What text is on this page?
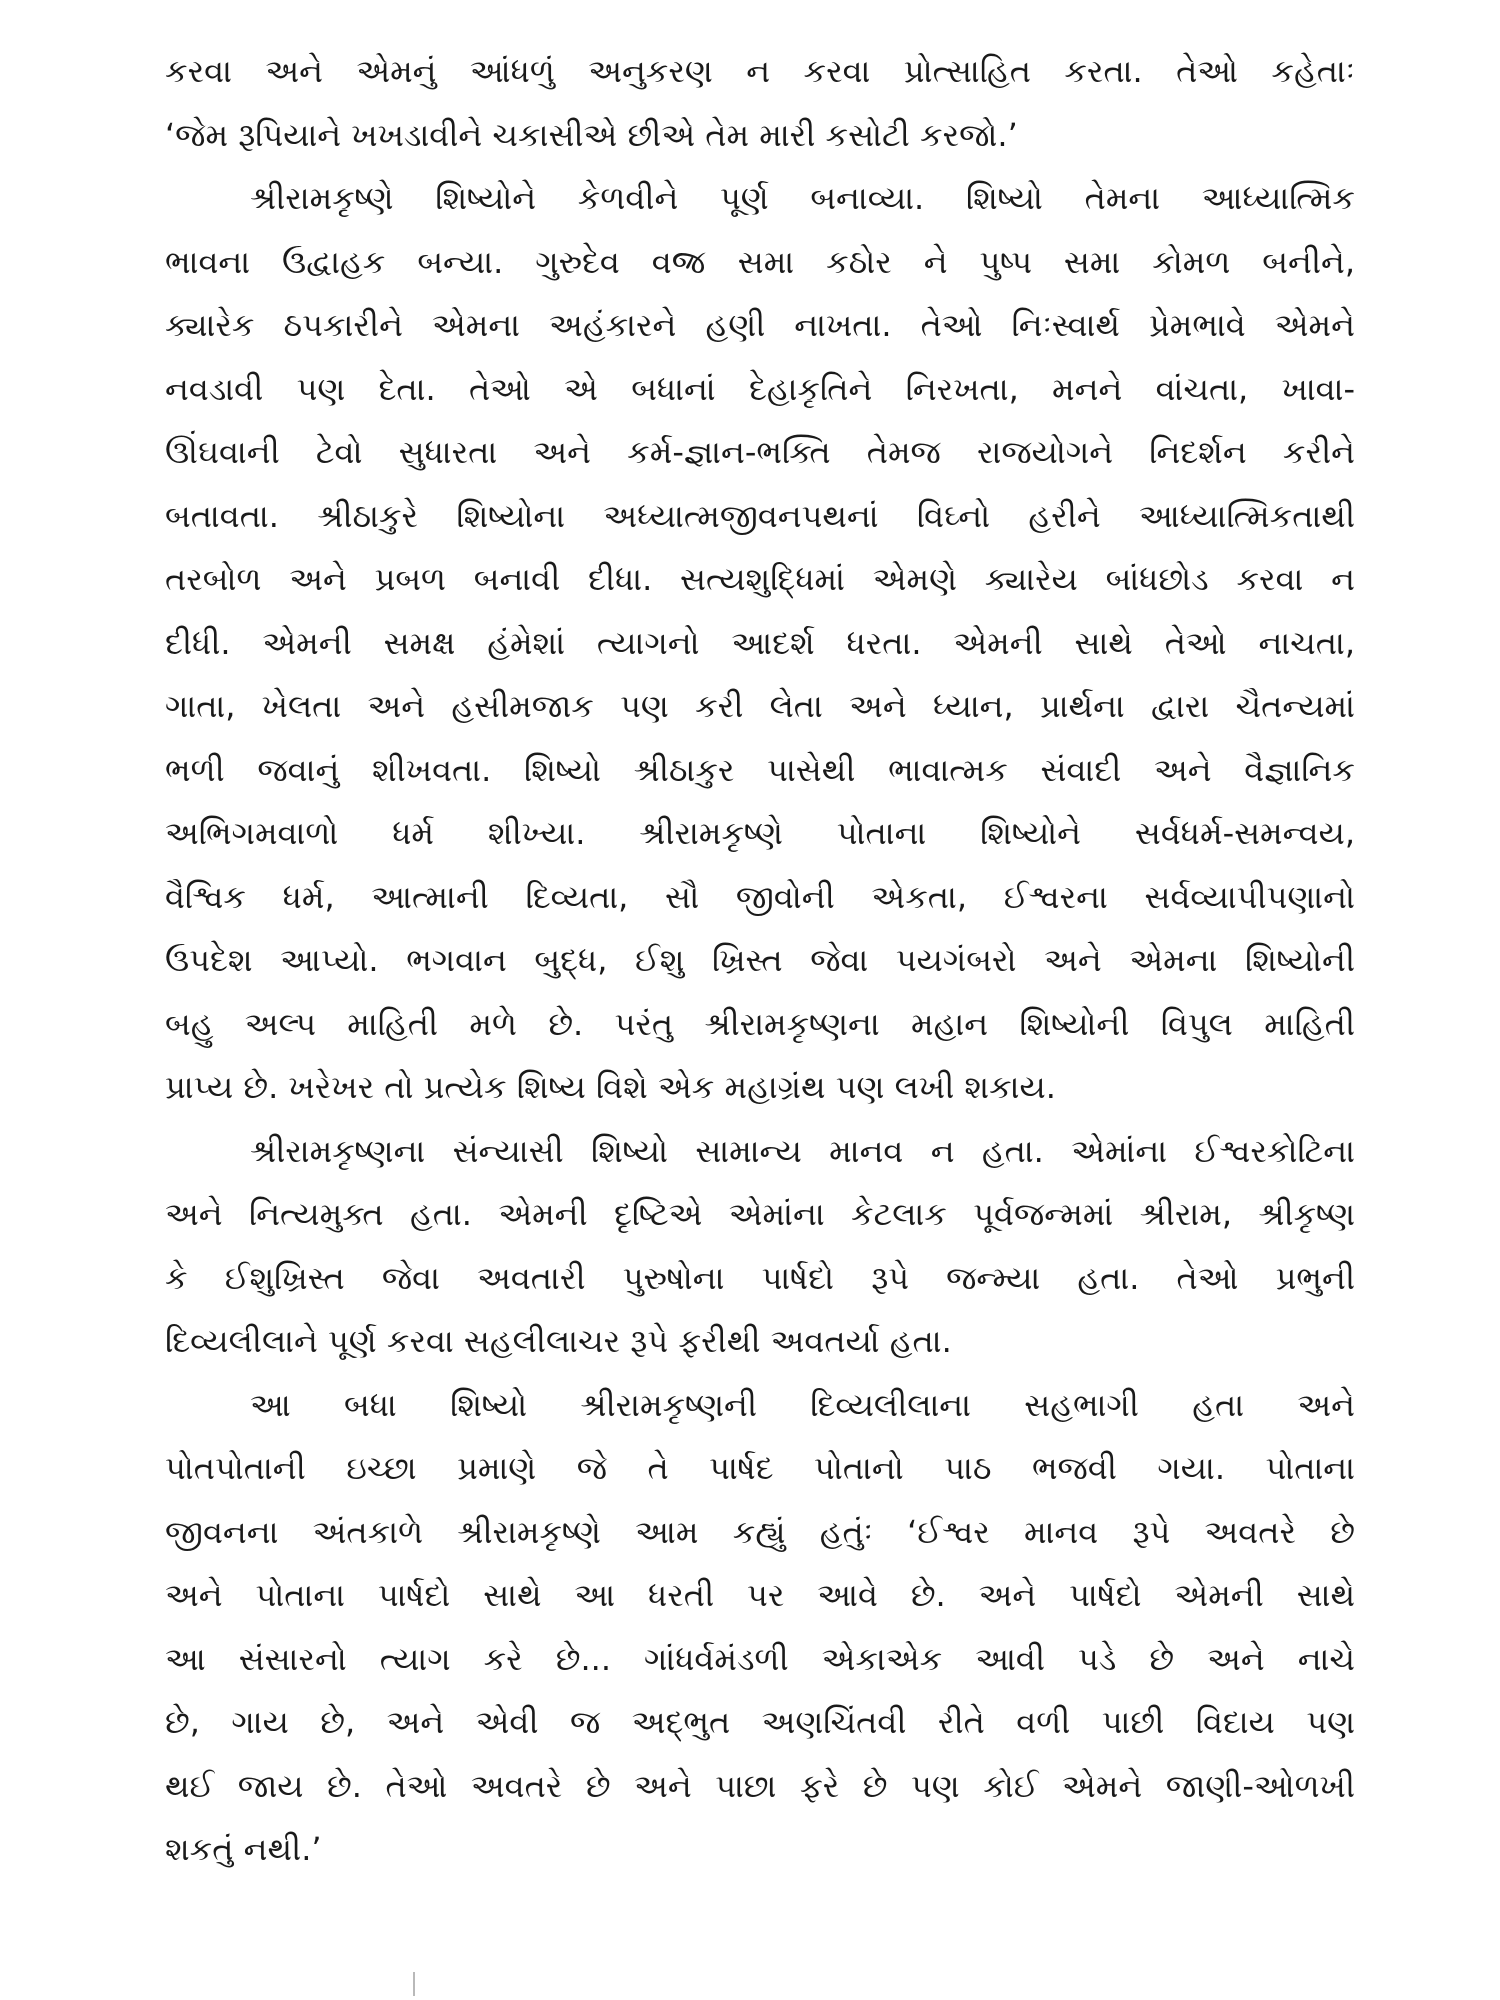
કરવા અને એમનું આંધળું અનુકરણ ન કરવા પ્રોત્સાહિત કરતા. તેઓ કહેતાઃ
‘જેમ રૂપિયાને ખખડાવીને ચકાસીએ છીએ તેમ મારી કસોટી કરજો.’
શ્રીરામકૃષ્ણે શિષ્યોને કેળવીને પૂર્ણ બનાવ્યા. શિષ્યો તેમના આધ્યાત્મિક
ભાવના ઉદ્વાહક બન્યા. ગુરુદેવ વજ્ર સમા કઠોર ને પુષ્પ સમા કોમળ બનીને,
ક્યારેક ઠપકારીને એમના અહંકારને હણી નાખતા. તેઓ નિઃસ્વાર્થ પ્રેમભાવે એમને
નવડાવી પણ દેતા. તેઓ એ બધાનાં દેહાકૃતિને નિરખતા, મનને વાંચતા, ખાવા-
ઊંઘવાની ટેવો સુધારતા અને કર્મ-જ્ઞાન-ભક્તિ તેમજ રાજયોગને નિદર્શન કરીને
બતાવતા. શ્રીઠાકુરે શિષ્યોના અધ્યાત્મજીવનપથનાં વિઘ્નો હરીને આધ્યાત્મિકતાથી
તરબોળ અને પ્રબળ બનાવી દીધા. સત્યશુદ્ધિમાં એમણે ક્યારેય બાંધછોડ કરવા ન
દીધી. એમની સમક્ષ હંમેશાં ત્યાગનો આદર્શ ધરતા. એમની સાથે તેઓ નાચતા,
ગાતા, ખેલતા અને હસીમજાક પણ કરી લેતા અને ધ્યાન, પ્રાર્થના દ્વારા ચૈતન્યમાં
ભળી જવાનું શીખવતા. શિષ્યો શ્રીઠાકુર પાસેથી ભાવાત્મક સંવાદી અને વૈજ્ઞાનિક
અભિગમવાળો ધર્મ શીખ્યા. શ્રીરામકૃષ્ણે પોતાના શિષ્યોને સર્વધર્મ-સમન્વય,
વૈશ્વિક ધર્મ, આત્માની દિવ્યતા, સૌ જીવોની એકતા, ઈશ્વરના સર્વવ્યાપીપણાનો
ઉપદેશ આપ્યો. ભગવાન બુદ્ધ, ઈશુ ખ્રિસ્ત જેવા પયગંબરો અને એમના શિષ્યોની
બહુ અલ્પ માહિતી મળે છે. પરંતુ શ્રીરામકૃષ્ણના મહાન શિષ્યોની વિપુલ માહિતી
પ્રાપ્ય છે. ખરેખર તો પ્રત્યેક શિષ્ય વિશે એક મહાગ્રંથ પણ લખી શકાય.
શ્રીરામકૃષ્ણના સંન્યાસી શિષ્યો સામાન્ય માનવ ન હતા. એમાંના ઈશ્વરકોટિના
અને નિત્યમુક્ત હતા. એમની દૃષ્ટિએ એમાંના કેટલાક પૂર્વજન્મમાં શ્રીરામ, શ્રીકૃષ્ણ
કે ઈશુખ્રિસ્ત જેવા અવતારી પુરુષોના પાર્ષદો રૂપે જન્મ્યા હતા. તેઓ પ્રભુની
દિવ્યલીલાને પૂર્ણ કરવા સહલીલાચર રૂપે ફરીથી અવતર્યા હતા.
આ બધા શિષ્યો શ્રીરામકૃષ્ણની દિવ્યલીલાના સહભાગી હતા અને
પોતપોતાની ઇચ્છા પ્રમાણે જે તે પાર્ષદ પોતાનો પાઠ ભજવી ગયા. પોતાના
જીવનના અંતકાળે શ્રીરામકૃષ્ણે આમ કહ્યું હતુંઃ ‘ઈશ્વર માનવ રૂપે અવતરે છે
અને પોતાના પાર્ષદો સાથે આ ધરતી પર આવે છે. અને પાર્ષદો એમની સાથે
આ સંસારનો ત્યાગ કરે છે... ગાંધર્વમંડળી એકાએક આવી પડે છે અને નાચે
છે, ગાય છે, અને એવી જ અદ્ભુત અણચિંતવી રીતે વળી પાછી વિદાય પણ
થઈ જાય છે. તેઓ અવતરે છે અને પાછા ફરે છે પણ કોઈ એમને જાણી-ઓળખી
શકતું નથી.’
